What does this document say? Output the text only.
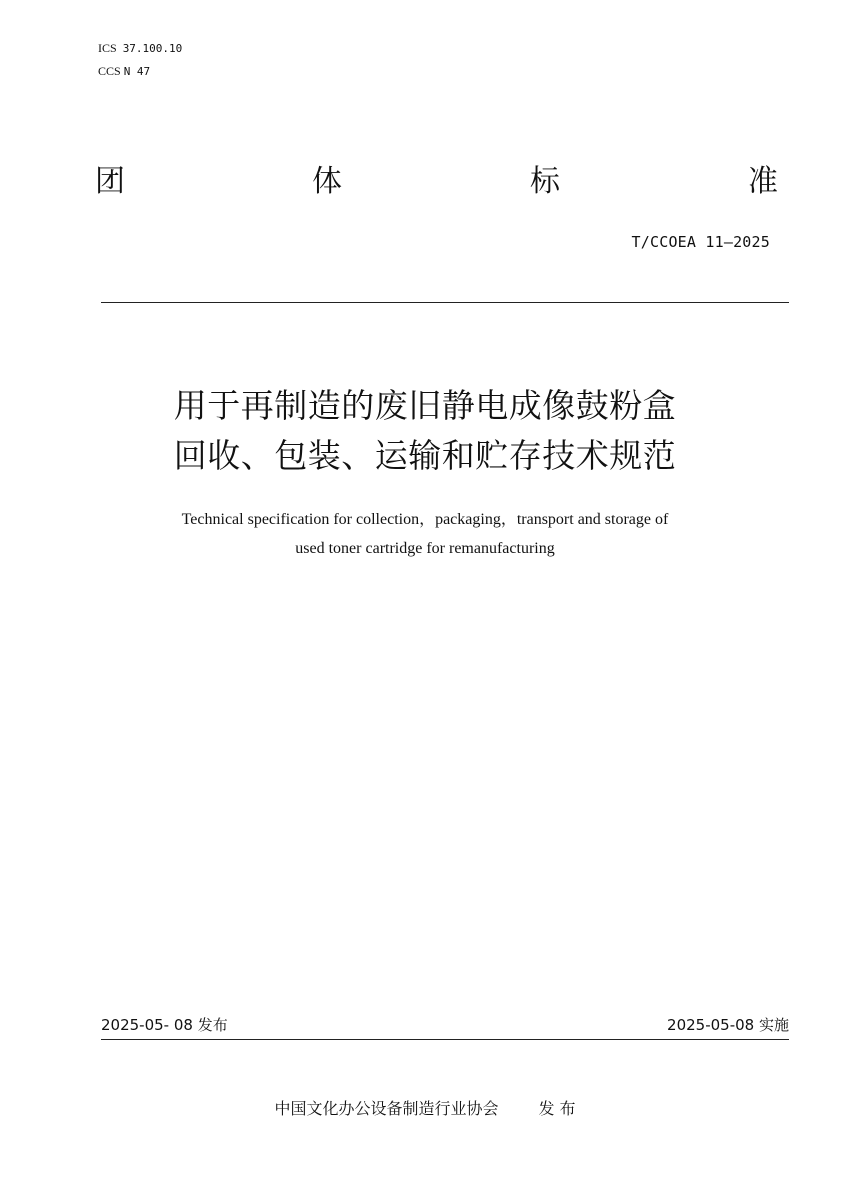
ICS 37.100.10
CCS N 47
团	体	标	准
T/CCOEA 11—2025
用于再制造的废旧静电成像鼓粉盒
回收、包装、运输和贮存技术规范
Technical specification for collection，packaging，transport and storage of
used toner cartridge for remanufacturing
2025-05- 08 发布	2025-05-08 实施
中国文化办公设备制造行业协会	发 布
